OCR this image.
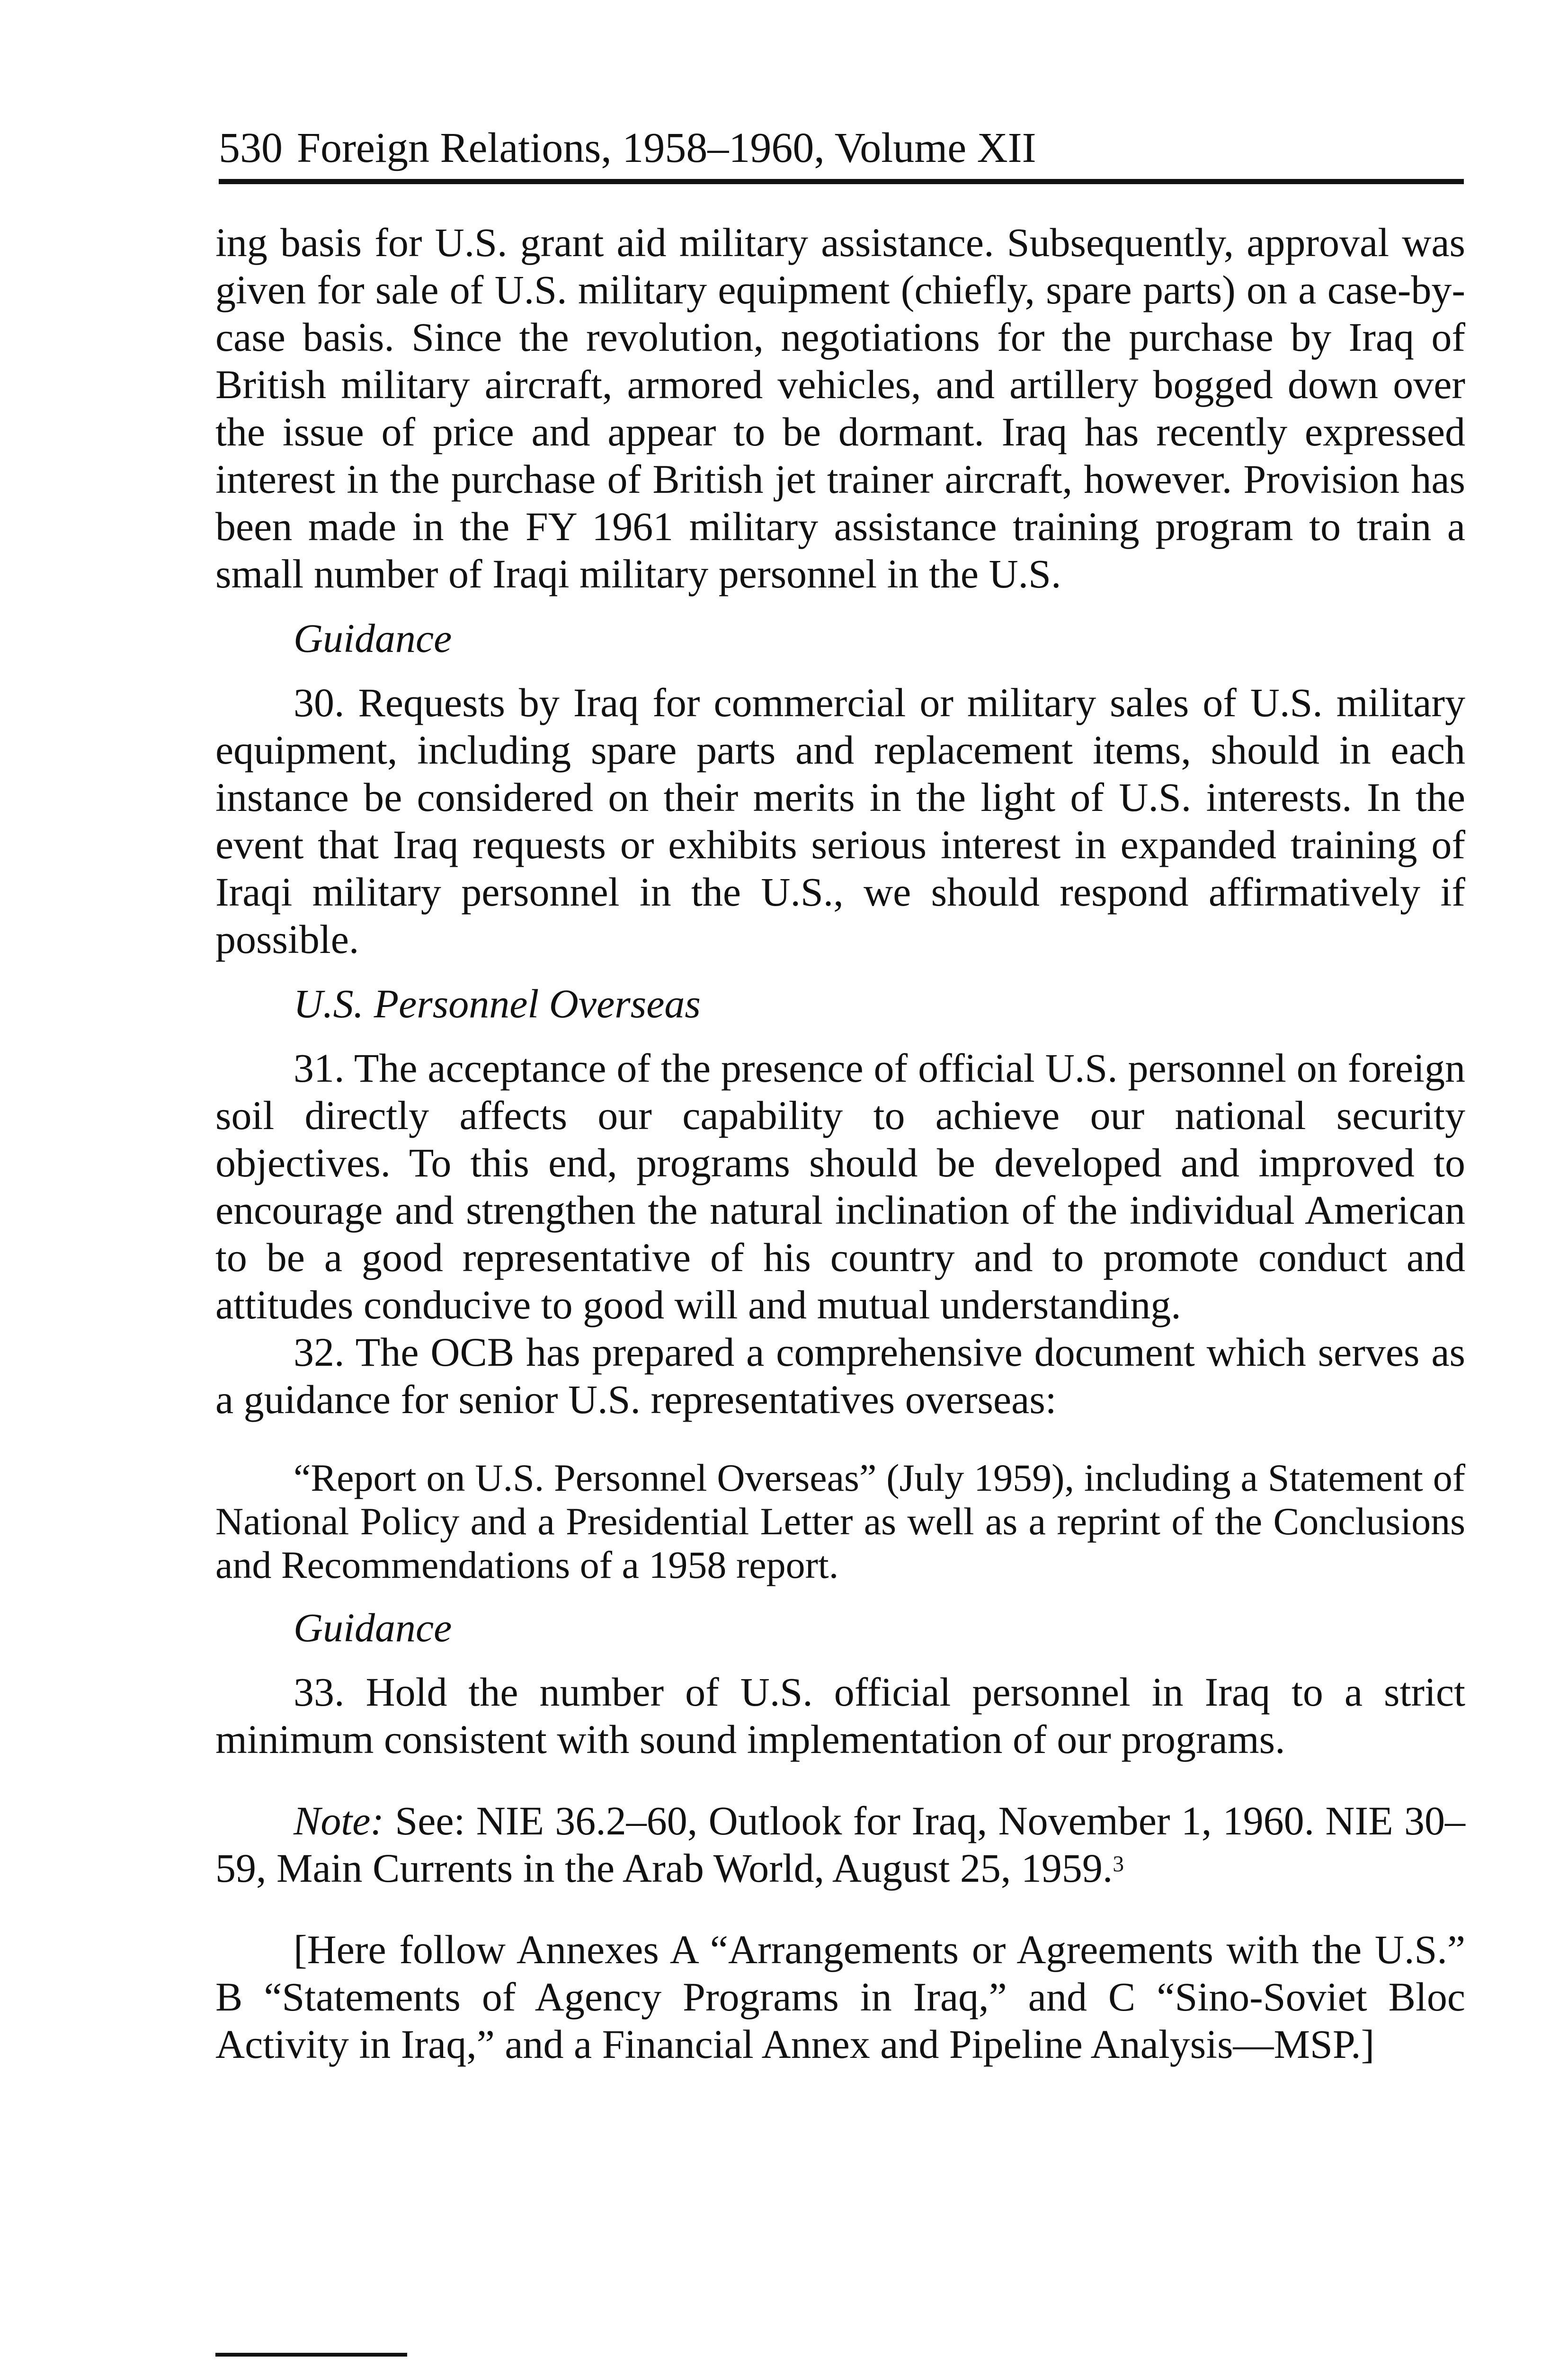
530 Foreign Relations, 1958–1960, Volume XII

ing basis for U.S. grant aid military assistance. Subsequently, approval was given for sale of U.S. military equipment (chiefly, spare parts) on a case-by-case basis. Since the revolution, negotiations for the purchase by Iraq of British military aircraft, armored vehicles, and artillery bogged down over the issue of price and appear to be dormant. Iraq has recently expressed interest in the purchase of British jet trainer aircraft, however. Provision has been made in the FY 1961 military assistance training program to train a small number of Iraqi military personnel in the U.S.

Guidance

30. Requests by Iraq for commercial or military sales of U.S. military equipment, including spare parts and replacement items, should in each instance be considered on their merits in the light of U.S. interests. In the event that Iraq requests or exhibits serious interest in expanded training of Iraqi military personnel in the U.S., we should respond affirmatively if possible.

U.S. Personnel Overseas

31. The acceptance of the presence of official U.S. personnel on foreign soil directly affects our capability to achieve our national security objectives. To this end, programs should be developed and improved to encourage and strengthen the natural inclination of the individual American to be a good representative of his country and to promote conduct and attitudes conducive to good will and mutual understanding.

32. The OCB has prepared a comprehensive document which serves as a guidance for senior U.S. representatives overseas:

“Report on U.S. Personnel Overseas” (July 1959), including a Statement of National Policy and a Presidential Letter as well as a reprint of the Conclusions and Recommendations of a 1958 report.

Guidance

33. Hold the number of U.S. official personnel in Iraq to a strict minimum consistent with sound implementation of our programs.

Note: See: NIE 36.2–60, Outlook for Iraq, November 1, 1960. NIE 30–59, Main Currents in the Arab World, August 25, 1959.$^3$

[Here follow Annexes A “Arrangements or Agreements with the U.S.” B “Statements of Agency Programs in Iraq,” and C “Sino-Soviet Bloc Activity in Iraq,” and a Financial Annex and Pipeline Analysis—MSP.]
